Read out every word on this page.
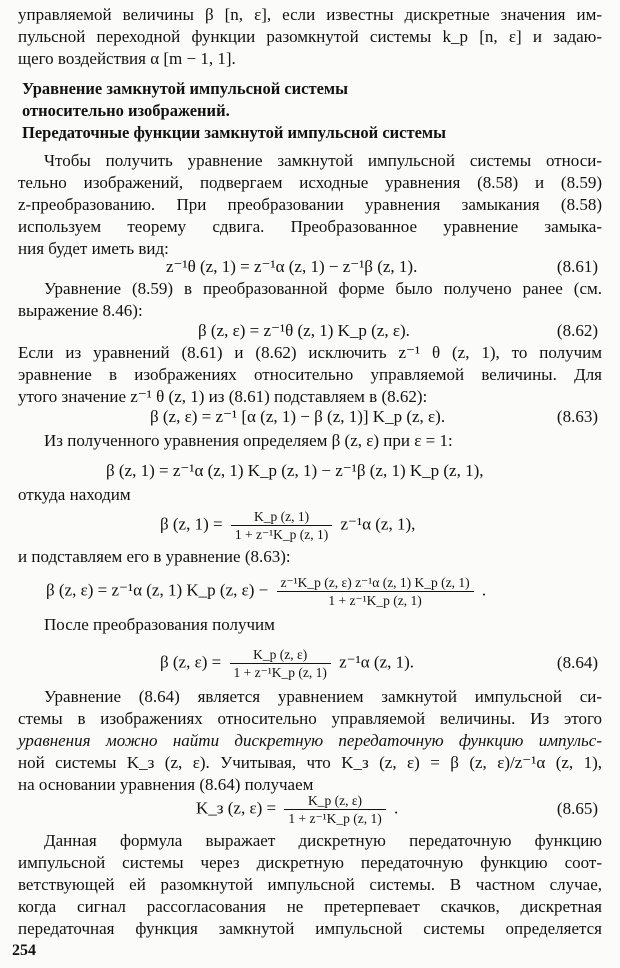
управляемой величины β [n, ε], если известны дискретные значения им-
пульсной переходной функции разомкнутой системы k_р [n, ε] и задаю-
щего воздействия α [m − 1, 1].
Уравнение замкнутой импульсной системы
относительно изображений.
Передаточные функции замкнутой импульсной системы
Чтобы получить уравнение замкнутой импульсной системы относи-
тельно изображений, подвергаем исходные уравнения (8.58) и (8.59)
z-преобразованию. При преобразовании уравнения замыкания (8.58)
используем теорему сдвига. Преобразованное уравнение замыка-
ния будет иметь вид:
z⁻¹θ (z, 1) = z⁻¹α (z, 1) − z⁻¹β (z, 1).	(8.61)
Уравнение (8.59) в преобразованной форме было получено ранее (см.
выражение 8.46):
β (z, ε) = z⁻¹θ (z, 1) K_р (z, ε).	(8.62)
Если из уравнений (8.61) и (8.62) исключить z⁻¹ θ (z, 1), то получим
эравнение в изображениях относительно управляемой величины. Для
утого значение z⁻¹ θ (z, 1) из (8.61) подставляем в (8.62):
β (z, ε) = z⁻¹ [α (z, 1) − β (z, 1)] K_р (z, ε).	(8.63)
Из полученного уравнения определяем β (z, ε) при ε = 1:
β (z, 1) = z⁻¹α (z, 1) K_р (z, 1) − z⁻¹β (z, 1) K_р (z, 1),
откуда находим
β (z, $1) = \frac{K\_р (z, 1)}{\text{1 + z⁻¹K\_р (z, 1)}} z^{-1}\alpha$ (z, 1),
и подставляем его в уравнение (8.63):
β (z, ε) = z⁻¹α (z, 1) K_р (z, $\varepsilon) - \frac{\text{z⁻¹K\_р (z, ε) z⁻¹α (z, 1) K\_р (z, 1)}}{\text{1 + z⁻¹K\_р (z, 1)}}$ .
После преобразования получим
β (z, $\varepsilon) = \frac{K\_р (z, \varepsilon)}{\text{1 + z⁻¹K\_р (z, 1)}} z^{-1}\alpha$ (z, 1).	(8.64)
Уравнение (8.64) является уравнением замкнутой импульсной си-
стемы в изображениях относительно управляемой величины. Из этого
уравнения можно найти дискретную передаточную функцию импульс-
ной системы K_з (z, ε). Учитывая, что K_з (z, ε) = β (z, ε)/z⁻¹α (z, 1),
на основании уравнения (8.64) получаем
K_з (z, $\varepsilon) = \frac{K\_р (z, \varepsilon)}{\text{1 + z⁻¹K\_р (z, 1)}}$ .	(8.65)
Данная формула выражает дискретную передаточную функцию
импульсной системы через дискретную передаточную функцию соот-
ветствующей ей разомкнутой импульсной системы. В частном случае,
когда сигнал рассогласования не претерпевает скачков, дискретная
передаточная функция замкнутой импульсной системы определяется
254
